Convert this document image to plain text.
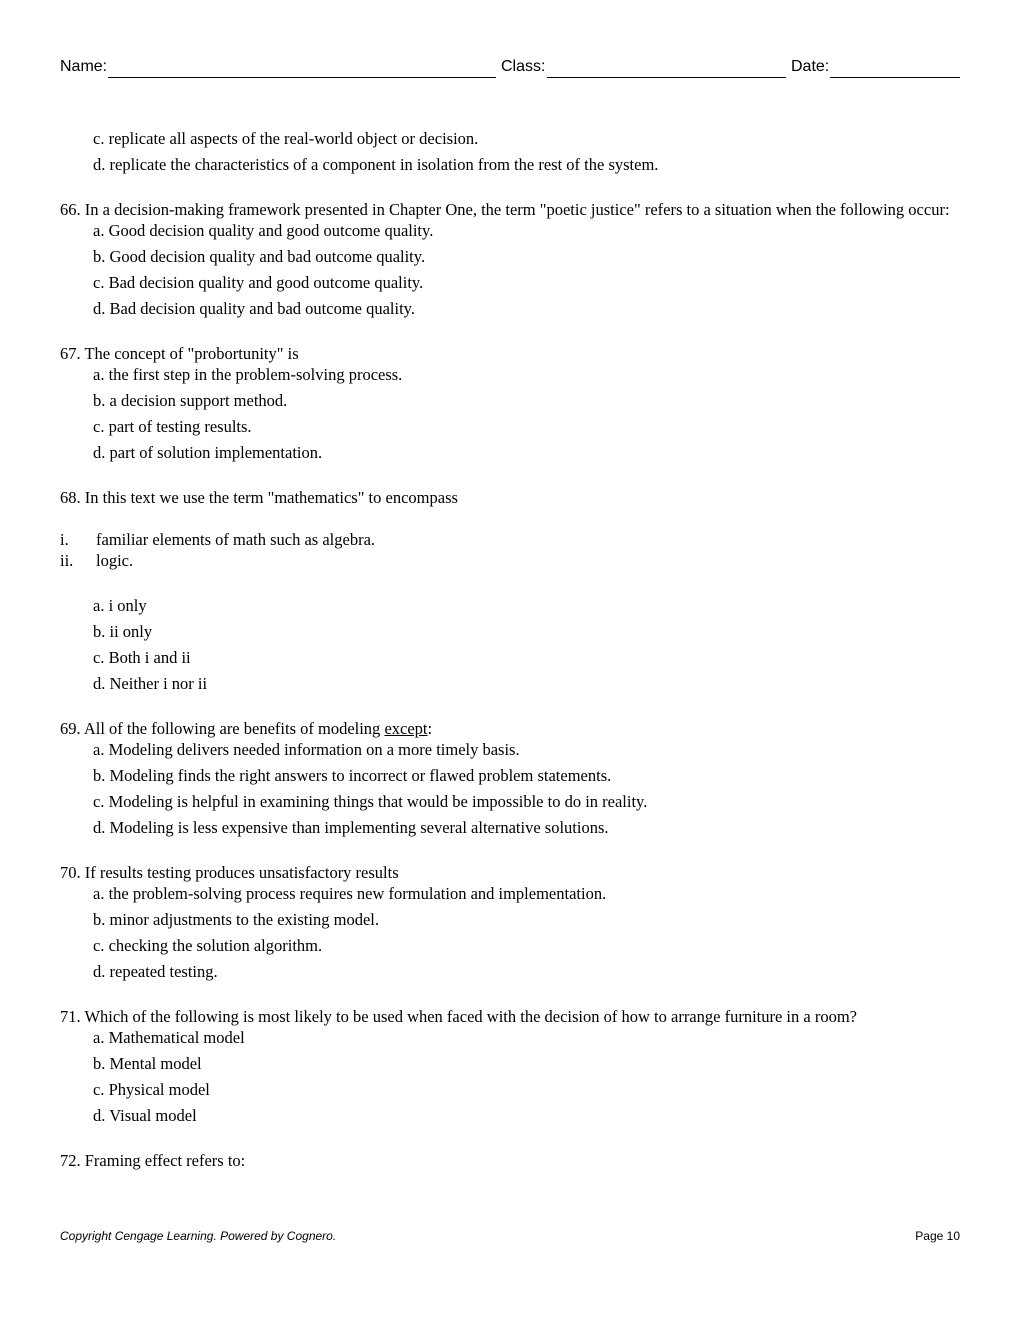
Name:	Class:	Date:
c. replicate all aspects of the real-world object or decision.
d. replicate the characteristics of a component in isolation from the rest of the system.

66. In a decision-making framework presented in Chapter One, the term "poetic justice" refers to a situation when the following occur:

a. Good decision quality and good outcome quality.
b. Good decision quality and bad outcome quality.
c. Bad decision quality and good outcome quality.
d. Bad decision quality and bad outcome quality.

67. The concept of "probortunity" is

a. the first step in the problem-solving process.
b. a decision support method.
c. part of testing results.
d. part of solution implementation.

68. In this text we use the term "mathematics" to encompass

i. familiar elements of math such as algebra.
ii. logic.
a. i only
b. ii only
c. Both i and ii
d. Neither i nor ii

69. All of the following are benefits of modeling except:

a. Modeling delivers needed information on a more timely basis.
b. Modeling finds the right answers to incorrect or flawed problem statements.
c. Modeling is helpful in examining things that would be impossible to do in reality.
d. Modeling is less expensive than implementing several alternative solutions.

70. If results testing produces unsatisfactory results

a. the problem-solving process requires new formulation and implementation.
b. minor adjustments to the existing model.
c. checking the solution algorithm.
d. repeated testing.

71. Which of the following is most likely to be used when faced with the decision of how to arrange furniture in a room?

a. Mathematical model
b. Mental model
c. Physical model
d. Visual model

72. Framing effect refers to:

Copyright Cengage Learning. Powered by Cognero.	Page 10
